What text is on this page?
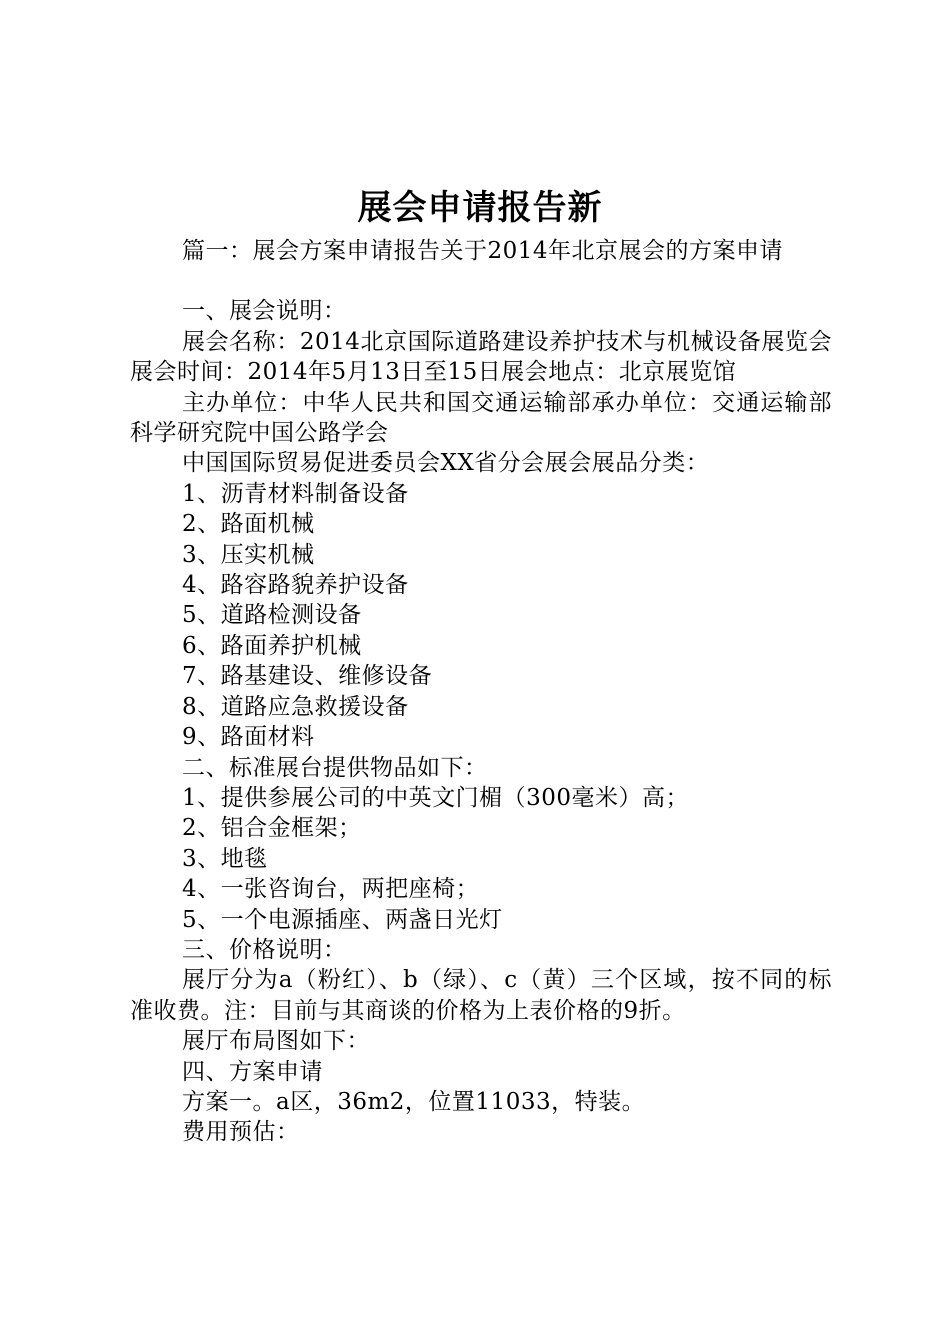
展会申请报告新

篇一：展会方案申请报告关于2014年北京展会的方案申请

一、展会说明：

展会名称：2014北京国际道路建设养护技术与机械设备展览会展会时间：2014年5月13日至15日展会地点：北京展览馆

主办单位：中华人民共和国交通运输部承办单位：交通运输部科学研究院中国公路学会

中国国际贸易促进委员会XX省分会展会展品分类：

1、沥青材料制备设备

2、路面机械

3、压实机械

4、路容路貌养护设备

5、道路检测设备

6、路面养护机械

7、路基建设、维修设备

8、道路应急救援设备

9、路面材料

二、标准展台提供物品如下：

1、提供参展公司的中英文门楣（300毫米）高；

2、铝合金框架；

3、地毯

4、一张咨询台，两把座椅；

5、一个电源插座、两盏日光灯

三、价格说明：

展厅分为a（粉红）、b（绿）、c（黄）三个区域，按不同的标准收费。注：目前与其商谈的价格为上表价格的9折。

展厅布局图如下：

四、方案申请

方案一。a区，36m2，位置11033，特装。

费用预估：
